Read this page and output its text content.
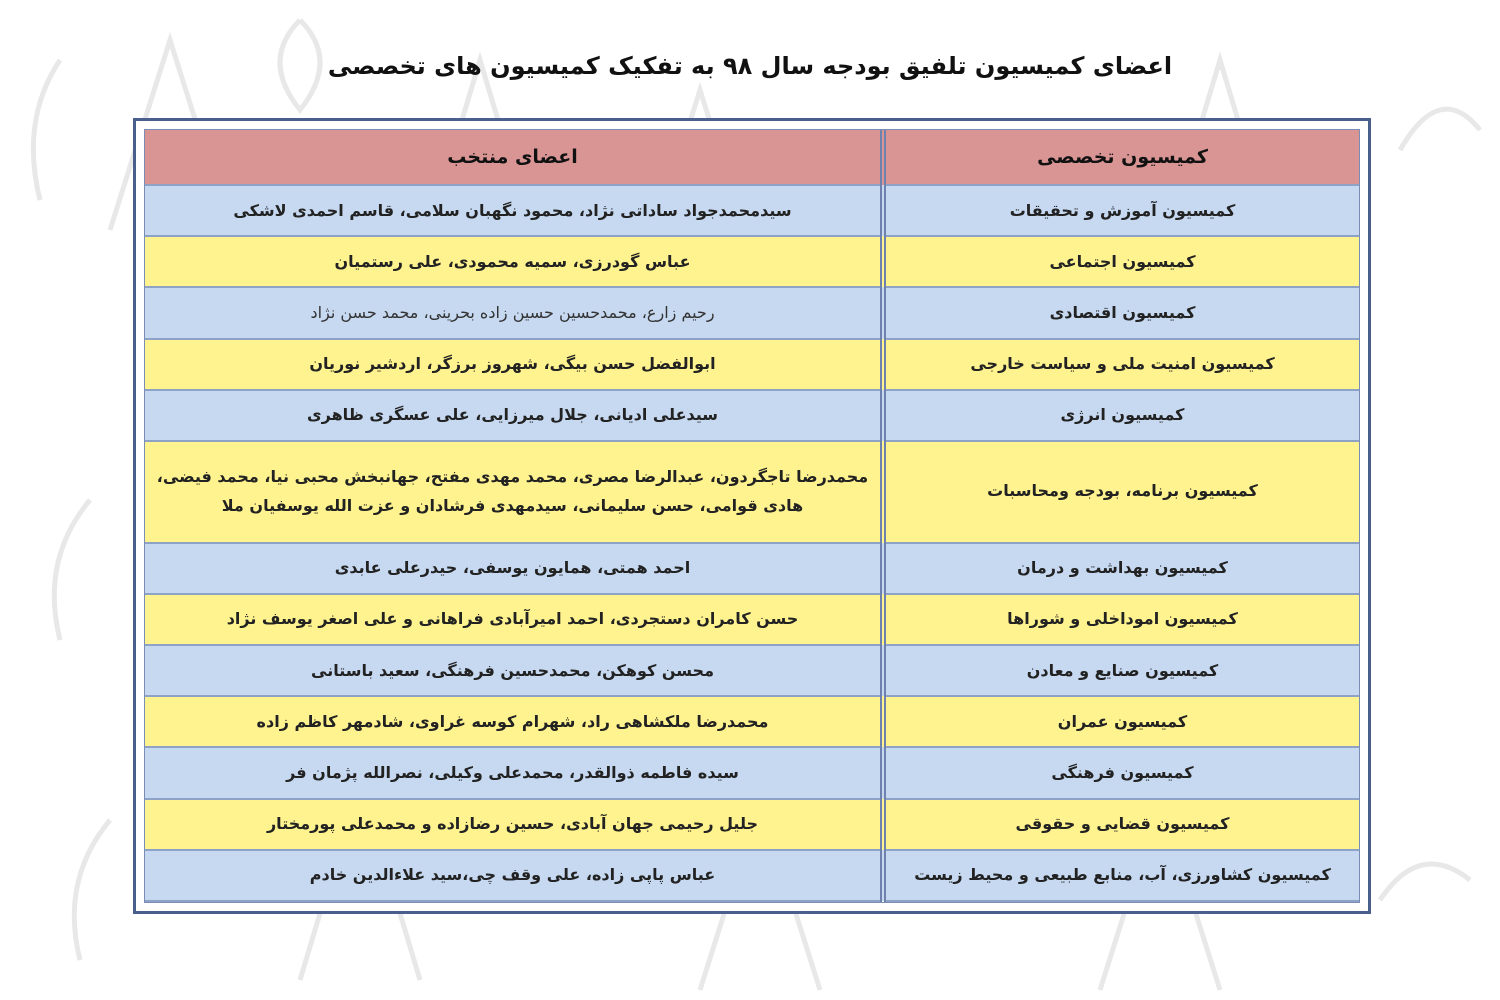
اعضای کمیسیون تلفیق بودجه سال ۹۸ به تفکیک کمیسیون های تخصصی
کمیسیون تخصصی	اعضای منتخب
کمیسیون آموزش و تحقیقات	سیدمحمدجواد ساداتی نژاد، محمود نگهبان سلامی، قاسم احمدی لاشکی
کمیسیون اجتماعی	عباس گودرزی، سمیه محمودی، علی رستمیان
کمیسیون اقتصادی	رحیم زارع، محمدحسین حسین زاده بحرینی، محمد حسن نژاد
کمیسیون امنیت ملی و سیاست خارجی	ابوالفضل حسن بیگی، شهروز برزگر، اردشیر نوریان
کمیسیون انرژی	سیدعلی ادیانی، جلال میرزایی، علی عسگری ظاهری
کمیسیون برنامه، بودجه ومحاسبات	محمدرضا تاجگردون، عبدالرضا مصری، محمد مهدی مفتح، جهانبخش محبی نیا، محمد فیضی، هادی قوامی، حسن سلیمانی، سیدمهدی فرشادان و عزت الله یوسفیان ملا
کمیسیون بهداشت و درمان	احمد همتی، همایون یوسفی، حیدرعلی عابدی
کمیسیون اموداخلی و شوراها	حسن کامران دستجردی، احمد امیرآبادی فراهانی و علی اصغر یوسف نژاد
کمیسیون صنایع و معادن	محسن کوهکن، محمدحسین فرهنگی، سعید باستانی
کمیسیون عمران	محمدرضا ملکشاهی راد، شهرام کوسه غراوی، شادمهر کاظم زاده
کمیسیون فرهنگی	سیده فاطمه ذوالقدر، محمدعلی وکیلی، نصرالله پژمان فر
کمیسیون قضایی و حقوقی	جلیل رحیمی جهان آبادی، حسین رضازاده و محمدعلی پورمختار
کمیسیون کشاورزی، آب، منابع طبیعی و محیط زیست	عباس پاپی زاده، علی وقف چی،سید علاءالدین خادم
